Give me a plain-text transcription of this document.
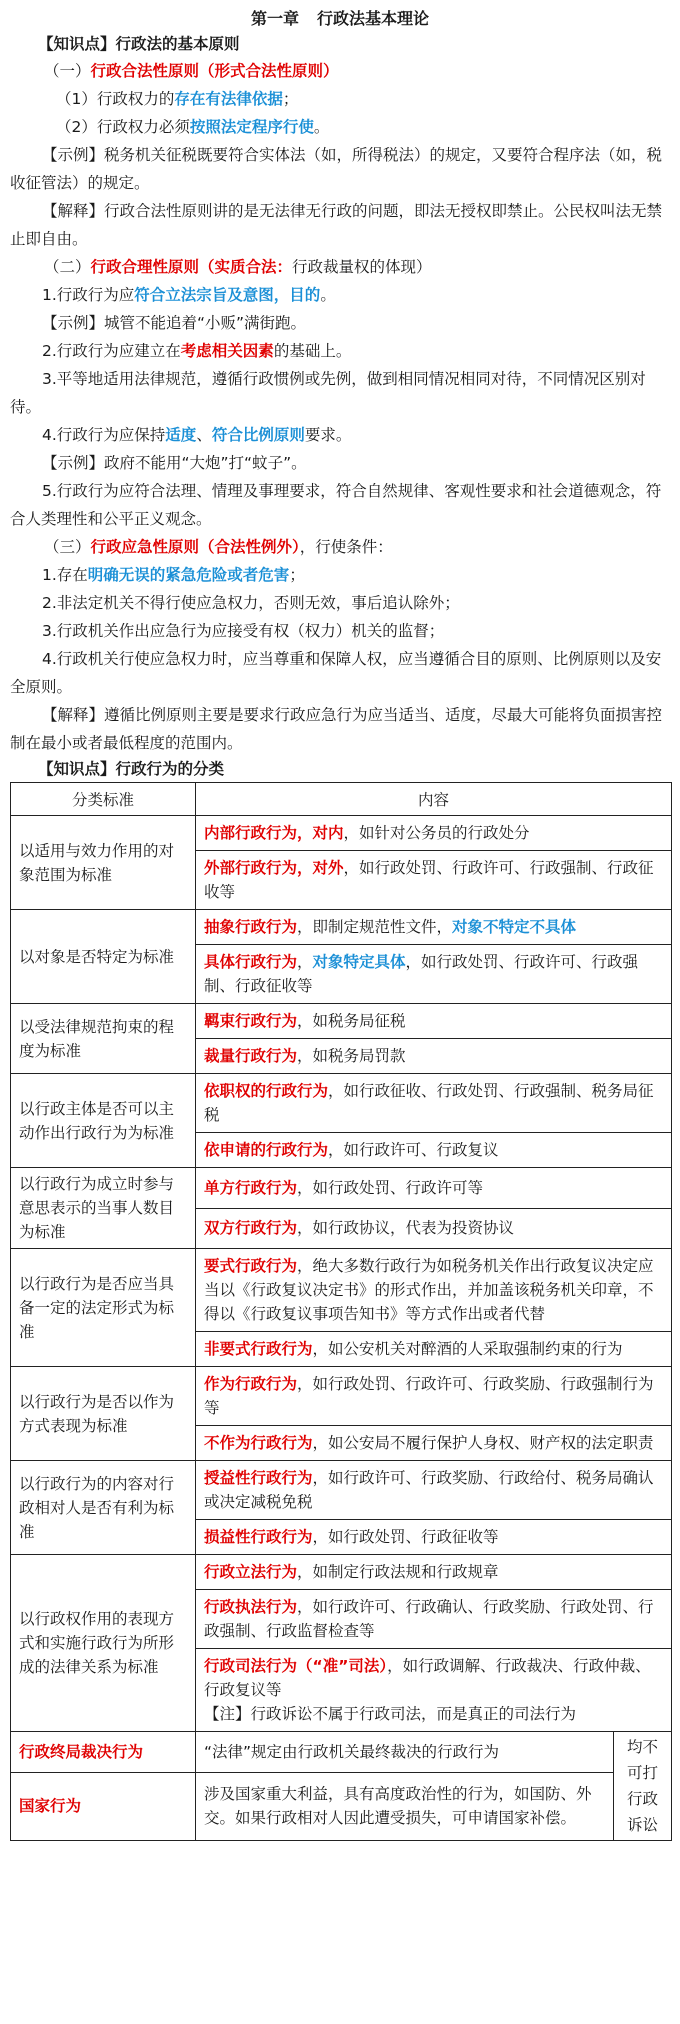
第一章 行政法基本理论
【知识点】行政法的基本原则
（一）行政合法性原则（形式合法性原则）
（1）行政权力的存在有法律依据；
（2）行政权力必须按照法定程序行使。
【示例】税务机关征税既要符合实体法（如，所得税法）的规定，又要符合程序法（如，税收征管法）的规定。
【解释】行政合法性原则讲的是无法律无行政的问题，即法无授权即禁止。公民权叫法无禁止即自由。
（二）行政合理性原则（实质合法：行政裁量权的体现）
1.行政行为应符合立法宗旨及意图，目的。
【示例】城管不能追着“小贩”满街跑。
2.行政行为应建立在考虑相关因素的基础上。
3.平等地适用法律规范，遵循行政惯例或先例，做到相同情况相同对待，不同情况区别对待。
4.行政行为应保持适度、符合比例原则要求。
【示例】政府不能用“大炮”打“蚊子”。
5.行政行为应符合法理、情理及事理要求，符合自然规律、客观性要求和社会道德观念，符合人类理性和公平正义观念。
（三）行政应急性原则（合法性例外），行使条件：
1.存在明确无误的紧急危险或者危害；
2.非法定机关不得行使应急权力，否则无效，事后追认除外；
3.行政机关作出应急行为应接受有权（权力）机关的监督；
4.行政机关行使应急权力时，应当尊重和保障人权，应当遵循合目的原则、比例原则以及安全原则。
【解释】遵循比例原则主要是要求行政应急行为应当适当、适度，尽最大可能将负面损害控制在最小或者最低程度的范围内。
【知识点】行政行为的分类
分类标准	内容	
以适用与效力作用的对象范围为标准	内部行政行为，对内，如针对公务员的行政处分	
	外部行政行为，对外，如行政处罚、行政许可、行政强制、行政征收等	
以对象是否特定为标准	抽象行政行为，即制定规范性文件，对象不特定不具体	
	具体行政行为，对象特定具体，如行政处罚、行政许可、行政强制、行政征收等	
以受法律规范拘束的程度为标准	羁束行政行为，如税务局征税	
	裁量行政行为，如税务局罚款	
以行政主体是否可以主动作出行政行为为标准	依职权的行政行为，如行政征收、行政处罚、行政强制、税务局征税	
	依申请的行政行为，如行政许可、行政复议	
以行政行为成立时参与意思表示的当事人数目为标准	单方行政行为，如行政处罚、行政许可等	
	双方行政行为，如行政协议，代表为投资协议	
以行政行为是否应当具备一定的法定形式为标准	要式行政行为，绝大多数行政行为如税务机关作出行政复议决定应当以《行政复议决定书》的形式作出，并加盖该税务机关印章，不得以《行政复议事项告知书》等方式作出或者代替	
	非要式行政行为，如公安机关对醉酒的人采取强制约束的行为	
以行政行为是否以作为方式表现为标准	作为行政行为，如行政处罚、行政许可、行政奖励、行政强制行为等	
	不作为行政行为，如公安局不履行保护人身权、财产权的法定职责	
以行政行为的内容对行政相对人是否有利为标准	授益性行政行为，如行政许可、行政奖励、行政给付、税务局确认或决定减税免税	
	损益性行政行为，如行政处罚、行政征收等	
以行政权作用的表现方式和实施行政行为所形成的法律关系为标准	行政立法行为，如制定行政法规和行政规章	
	行政执法行为，如行政许可、行政确认、行政奖励、行政处罚、行政强制、行政监督检查等	
	行政司法行为（“准”司法），如行政调解、行政裁决、行政仲裁、行政复议等
【注】行政诉讼不属于行政司法，而是真正的司法行为	
行政终局裁决行为	“法律”规定由行政机关最终裁决的行政行为	均不可打行政诉讼
国家行为	涉及国家重大利益，具有高度政治性的行为，如国防、外交。如果行政相对人因此遭受损失，可申请国家补偿。	
